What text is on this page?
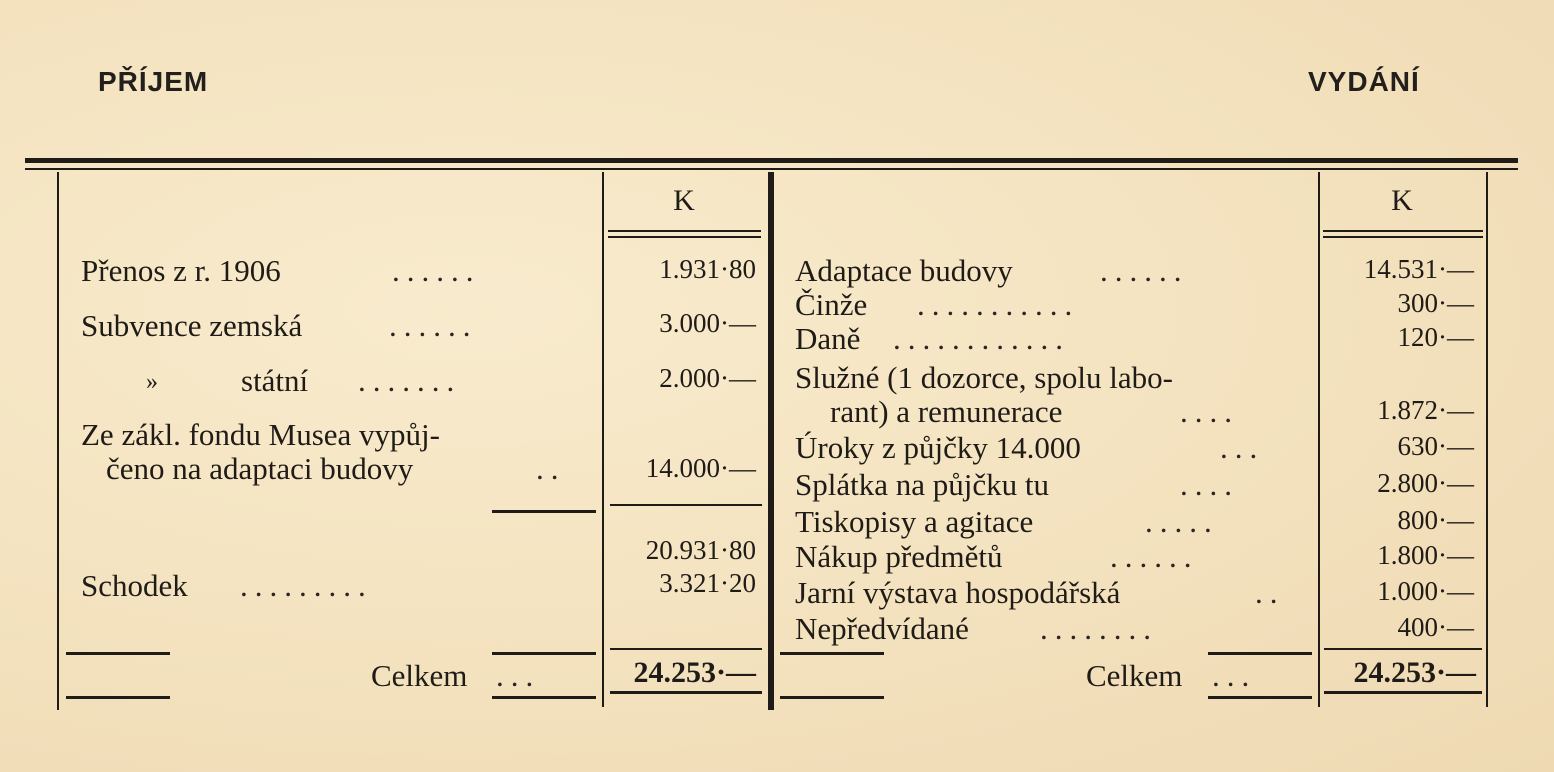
PŘÍJEM	VYDÁNÍ
K	K
Přenos z r. 1906	......	1.931·80
Subvence zemská	......	3.000·—
»	státní .......	2.000·—
Ze zákl. fondu Musea vypůj-
čeno na adaptaci budovy	..	14.000·—
20.931·80
Schodek .........	3.321·20
Celkem ...	24.253·—
Adaptace budovy	......	14.531·—
Činže ...........	300·—
Daně ............	120·—
Služné (1 dozorce, spolu labo-
rant) a remunerace	....	1.872·—
Úroky z půjčky 14.000	...	630·—
Splátka na půjčku tu	....	2.800·—
Tiskopisy a agitace	.....	800·—
Nákup předmětů	......	1.800·—
Jarní výstava hospodářská	..	1.000·—
Nepředvídané ........	400·—
Celkem ...	24.253·—
